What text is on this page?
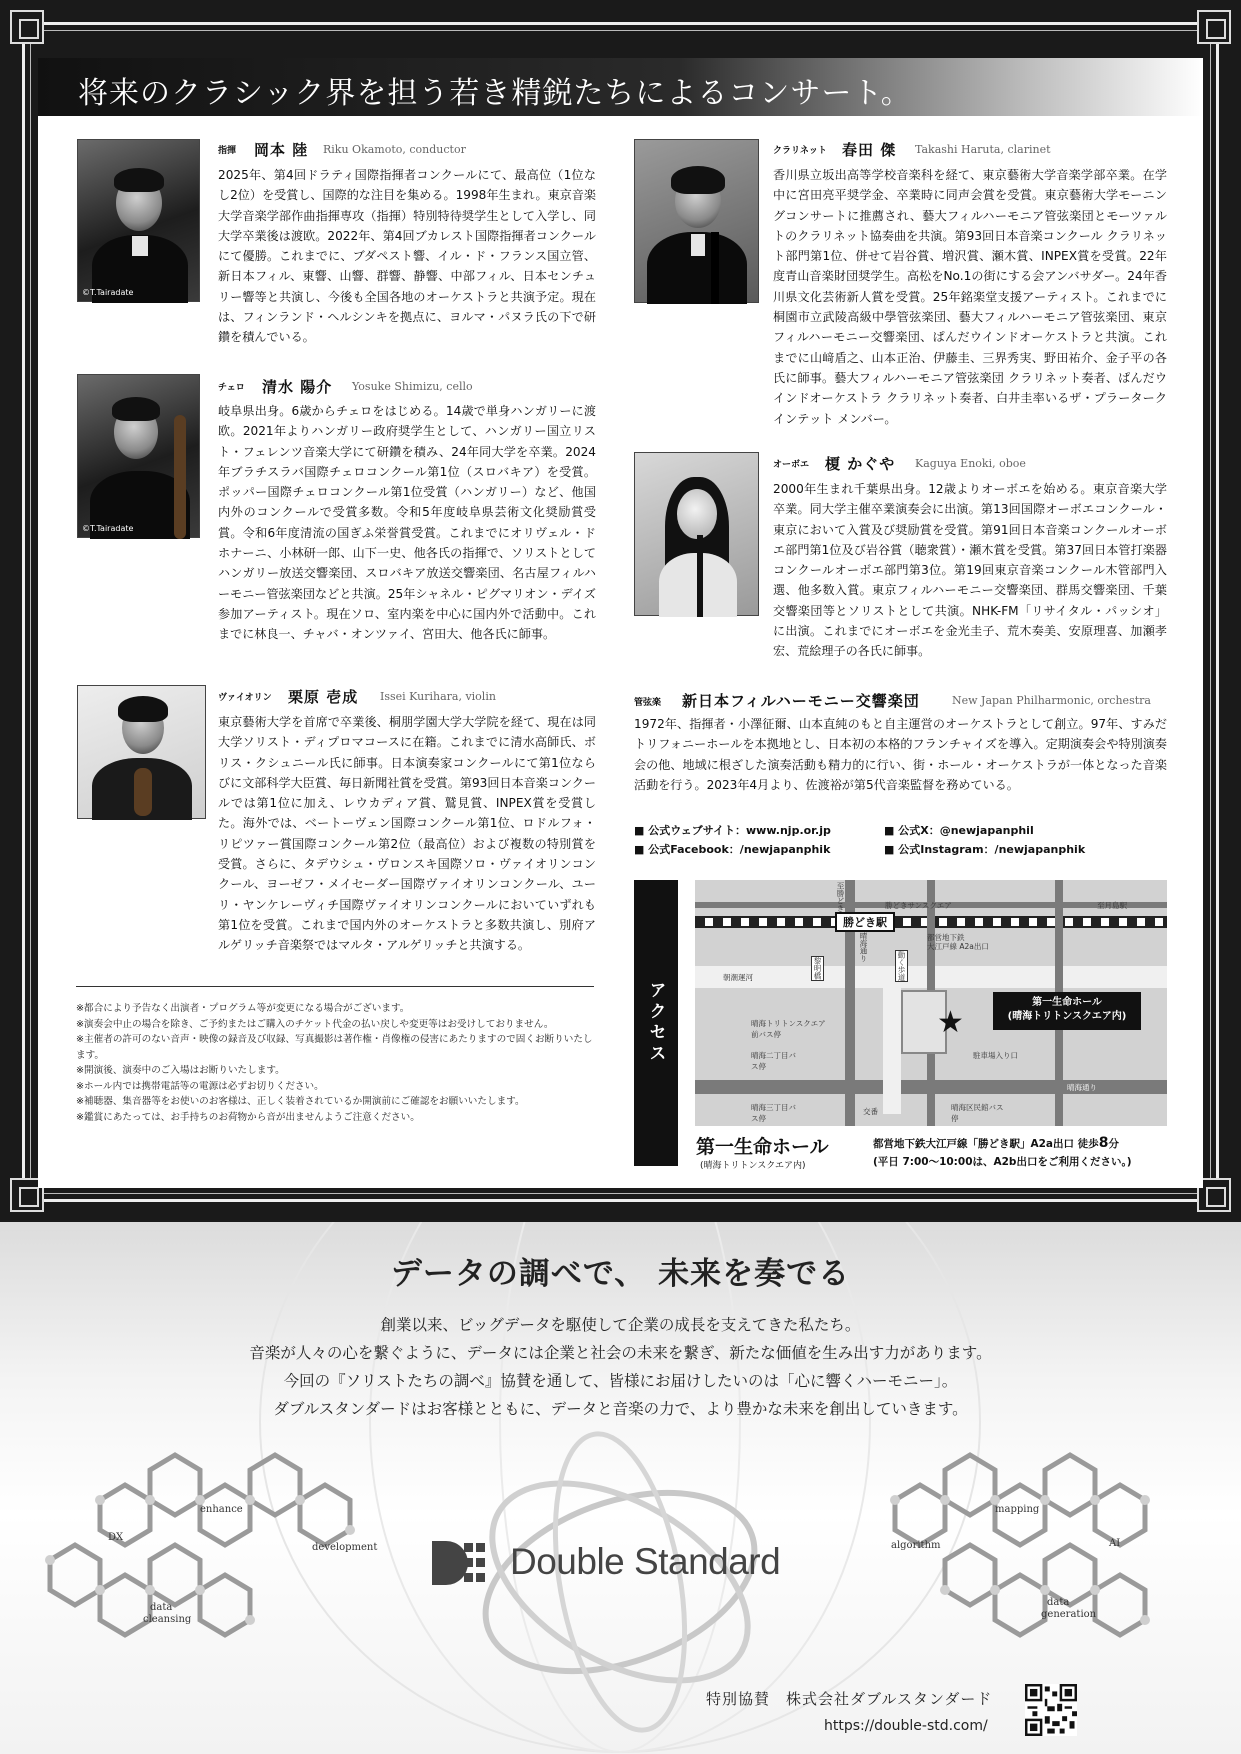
将来のクラシック界を担う若き精鋭たちによるコンサート。
©T.Tairadate
指揮 岡本 陸 Riku Okamoto, conductor
2025年、第4回ドラティ国際指揮者コンクールにて、最高位（1位なし2位）を受賞し、国際的な注目を集める。1998年生まれ。東京音楽大学音楽学部作曲指揮専攻（指揮）特別特待奨学生として入学し、同大学卒業後は渡欧。2022年、第4回ブカレスト国際指揮者コンクールにて優勝。これまでに、ブダペスト響、イル・ド・フランス国立管、新日本フィル、東響、山響、群響、静響、中部フィル、日本センチュリー響等と共演し、今後も全国各地のオーケストラと共演予定。現在は、フィンランド・ヘルシンキを拠点に、ヨルマ・パヌラ氏の下で研鑽を積んでいる。
©T.Tairadate
チェロ 清水 陽介 Yosuke Shimizu, cello
岐阜県出身。6歳からチェロをはじめる。14歳で単身ハンガリーに渡欧。2021年よりハンガリー政府奨学生として、ハンガリー国立リスト・フェレンツ音楽大学にて研鑽を積み、24年同大学を卒業。2024年ブラチスラバ国際チェロコンクール第1位（スロバキア）を受賞。ポッパー国際チェロコンクール第1位受賞（ハンガリー）など、他国内外のコンクールで受賞多数。令和5年度岐阜県芸術文化奨励賞受賞。令和6年度清流の国ぎふ栄誉賞受賞。これまでにオリヴェル・ドホナーニ、小林研一郎、山下一史、他各氏の指揮で、ソリストとしてハンガリー放送交響楽団、スロバキア放送交響楽団、名古屋フィルハーモニー管弦楽団などと共演。25年シャネル・ピグマリオン・デイズ参加アーティスト。現在ソロ、室内楽を中心に国内外で活動中。これまでに林良一、チャバ・オンツァイ、宮田大、他各氏に師事。
ヴァイオリン 栗原 壱成 Issei Kurihara, violin
東京藝術大学を首席で卒業後、桐朋学園大学大学院を経て、現在は同大学ソリスト・ディプロマコースに在籍。これまでに清水高師氏、ボリス・クシュニール氏に師事。日本演奏家コンクールにて第1位ならびに文部科学大臣賞、毎日新聞社賞を受賞。第93回日本音楽コンクールでは第1位に加え、レウカディア賞、鷲見賞、INPEX賞を受賞した。海外では、ベートーヴェン国際コンクール第1位、ロドルフォ・リピツァー賞国際コンクール第2位（最高位）および複数の特別賞を受賞。さらに、タデウシュ・ヴロンスキ国際ソロ・ヴァイオリンコンクール、ヨーゼフ・メイセーダー国際ヴァイオリンコンクール、ユーリ・ヤンケレーヴィチ国際ヴァイオリンコンクールにおいていずれも第1位を受賞。これまで国内外のオーケストラと多数共演し、別府アルゲリッチ音楽祭ではマルタ・アルゲリッチと共演する。
クラリネット 春田 傑 Takashi Haruta, clarinet
香川県立坂出高等学校音楽科を経て、東京藝術大学音楽学部卒業。在学中に宮田亮平奨学金、卒業時に同声会賞を受賞。東京藝術大学モーニングコンサートに推薦され、藝大フィルハーモニア管弦楽団とモーツァルトのクラリネット協奏曲を共演。第93回日本音楽コンクール クラリネット部門第1位、併せて岩谷賞、増沢賞、瀬木賞、INPEX賞を受賞。22年度青山音楽財団奨学生。高松をNo.1の街にする会アンバサダー。24年香川県文化芸術新人賞を受賞。25年銘楽堂支援アーティスト。これまでに桐園市立武陵高級中學管弦楽団、藝大フィルハーモニア管弦楽団、東京フィルハーモニー交響楽団、ぱんだウインドオーケストラと共演。これまでに山﨑盾之、山本正治、伊藤圭、三界秀実、野田祐介、金子平の各氏に師事。藝大フィルハーモニア管弦楽団 クラリネット奏者、ぱんだウインドオーケストラ クラリネット奏者、白井圭率いるザ・プラータークインテット メンバー。
オーボエ 榎 かぐや Kaguya Enoki, oboe
2000年生まれ千葉県出身。12歳よりオーボエを始める。東京音楽大学卒業。同大学主催卒業演奏会に出演。第13回国際オーボエコンクール・東京において入賞及び奨励賞を受賞。第91回日本音楽コンクールオーボエ部門第1位及び岩谷賞（聴衆賞）・瀬木賞を受賞。第37回日本管打楽器コンクールオーボエ部門第3位。第19回東京音楽コンクール木管部門入選、他多数入賞。東京フィルハーモニー交響楽団、群馬交響楽団、千葉交響楽団等とソリストとして共演。NHK-FM「リサイタル・パッシオ」に出演。これまでにオーボエを金光圭子、荒木奏美、安原理喜、加瀬孝宏、荒絵理子の各氏に師事。
管弦楽 新日本フィルハーモニー交響楽団	New Japan Philharmonic, orchestra
1972年、指揮者・小澤征爾、山本直純のもと自主運営のオーケストラとして創立。97年、すみだトリフォニーホールを本拠地とし、日本初の本格的フランチャイズを導入。定期演奏会や特別演奏会の他、地域に根ざした演奏活動も精力的に行い、街・ホール・オーケストラが一体となった音楽活動を行う。2023年4月より、佐渡裕が第5代音楽監督を務めている。
■ 公式ウェブサイト：www.njp.or.jp	■ 公式X：@newjapanphil
■ 公式Facebook：/newjapanphik	■ 公式Instagram：/newjapanphik
※都合により予告なく出演者・プログラム等が変更になる場合がございます。
※演奏会中止の場合を除き、ご予約またはご購入のチケット代金の払い戻しや変更等はお受けしておりません。
※主催者の許可のない音声・映像の録音及び収録、写真撮影は著作権・肖像権の侵害にあたりますので固くお断りいたします。
※開演後、演奏中のご入場はお断りいたします。
※ホール内では携帯電話等の電源は必ずお切りください。
※補聴器、集音器等をお使いのお客様は、正しく装着されているか開演前にご確認をお願いいたします。
※鑑賞にあたっては、お手持ちのお荷物から音が出ませんようご注意ください。
アクセス
勝どき駅
勝どきサンスクエア	至月島駅
都営地下鉄
大江戸線 A2a出口
至勝どき
晴海通り
黎明橋	動く歩道
朝潮運河
晴海トリトンスクエア前バス停
晴海二丁目バス停
晴海三丁目バス停
駐車場入り口
晴海通り
交番	晴海区民館バス停
★
第一生命ホール
(晴海トリトンスクエア内)
第一生命ホール
(晴海トリトンスクエア内)
都営地下鉄大江戸線「勝どき駅」A2a出口 徒歩8分
(平日 7:00〜10:00は、A2b出口をご利用ください。)
データの調べで、 未来を奏でる
創業以来、ビッグデータを駆使して企業の成長を支えてきた私たち。
音楽が人々の心を繋ぐように、データには企業と社会の未来を繋ぎ、新たな価値を生み出す力があります。
今回の『ソリストたちの調べ』協賛を通して、皆様にお届けしたいのは「心に響くハーモニー」。
ダブルスタンダードはお客様とともに、データと音楽の力で、より豊かな未来を創出していきます。
DX
enhance
development
data
cleansing
algorithm
mapping
AI
data
generation
Double Standard
特別協賛　株式会社ダブルスタンダード
https://double-std.com/
